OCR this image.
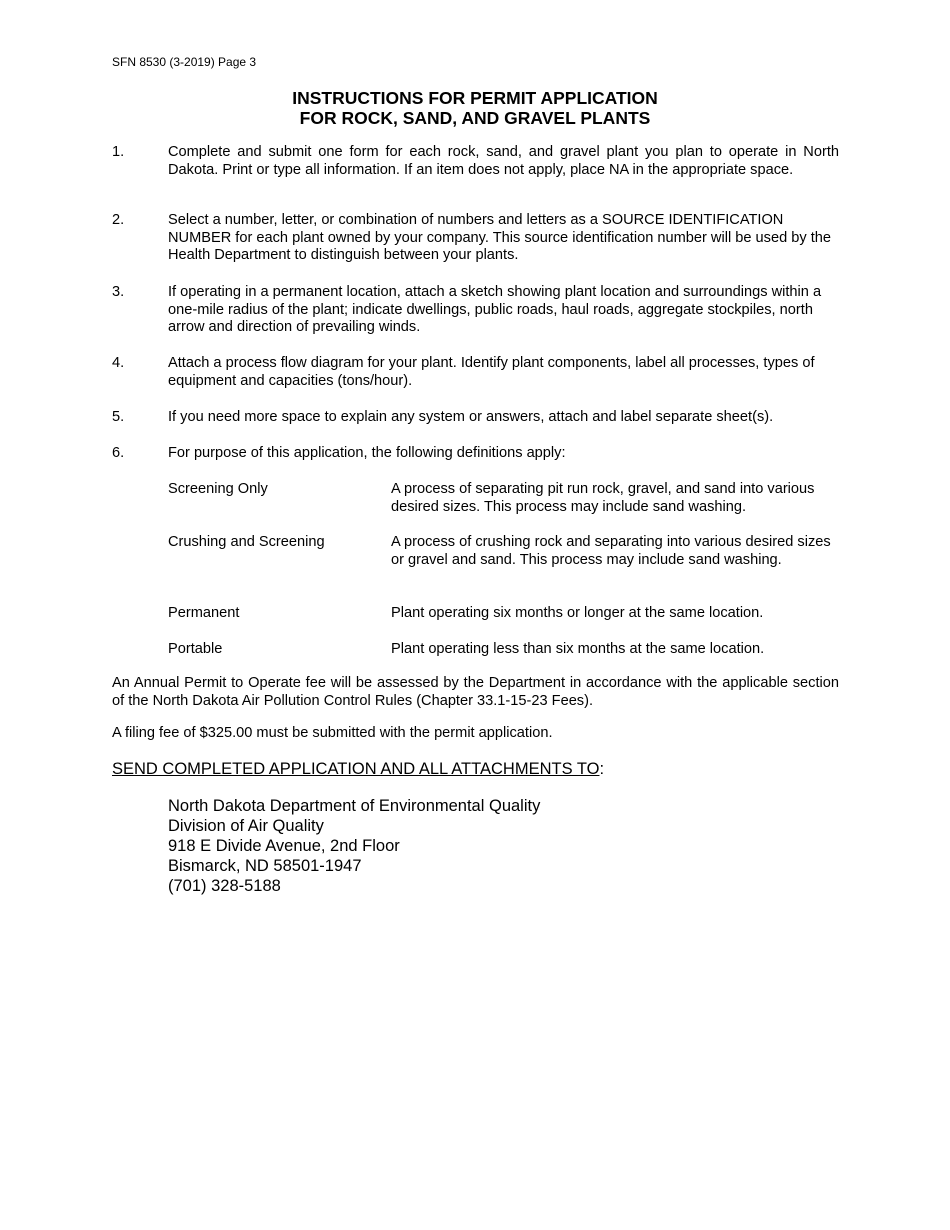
SFN 8530 (3-2019) Page 3
INSTRUCTIONS FOR PERMIT APPLICATION
FOR ROCK, SAND, AND GRAVEL PLANTS
1.	Complete and submit one form for each rock, sand, and gravel plant you plan to operate in North Dakota. Print or type all information. If an item does not apply, place NA in the appropriate space.
2.	Select a number, letter, or combination of numbers and letters as a SOURCE IDENTIFICATION NUMBER for each plant owned by your company. This source identification number will be used by the Health Department to distinguish between your plants.
3.	If operating in a permanent location, attach a sketch showing plant location and surroundings within a one-mile radius of the plant; indicate dwellings, public roads, haul roads, aggregate stockpiles, north arrow and direction of prevailing winds.
4.	Attach a process flow diagram for your plant. Identify plant components, label all processes, types of equipment and capacities (tons/hour).
5.	If you need more space to explain any system or answers, attach and label separate sheet(s).
6.	For purpose of this application, the following definitions apply:
Screening Only	A process of separating pit run rock, gravel, and sand into various desired sizes. This process may include sand washing.
Crushing and Screening	A process of crushing rock and separating into various desired sizes or gravel and sand. This process may include sand washing.
Permanent	Plant operating six months or longer at the same location.
Portable	Plant operating less than six months at the same location.
An Annual Permit to Operate fee will be assessed by the Department in accordance with the applicable section of the North Dakota Air Pollution Control Rules (Chapter 33.1-15-23 Fees).
A filing fee of $325.00 must be submitted with the permit application.
SEND COMPLETED APPLICATION AND ALL ATTACHMENTS TO:
North Dakota Department of Environmental Quality
Division of Air Quality
918 E Divide Avenue, 2nd Floor
Bismarck, ND 58501-1947
(701) 328-5188
